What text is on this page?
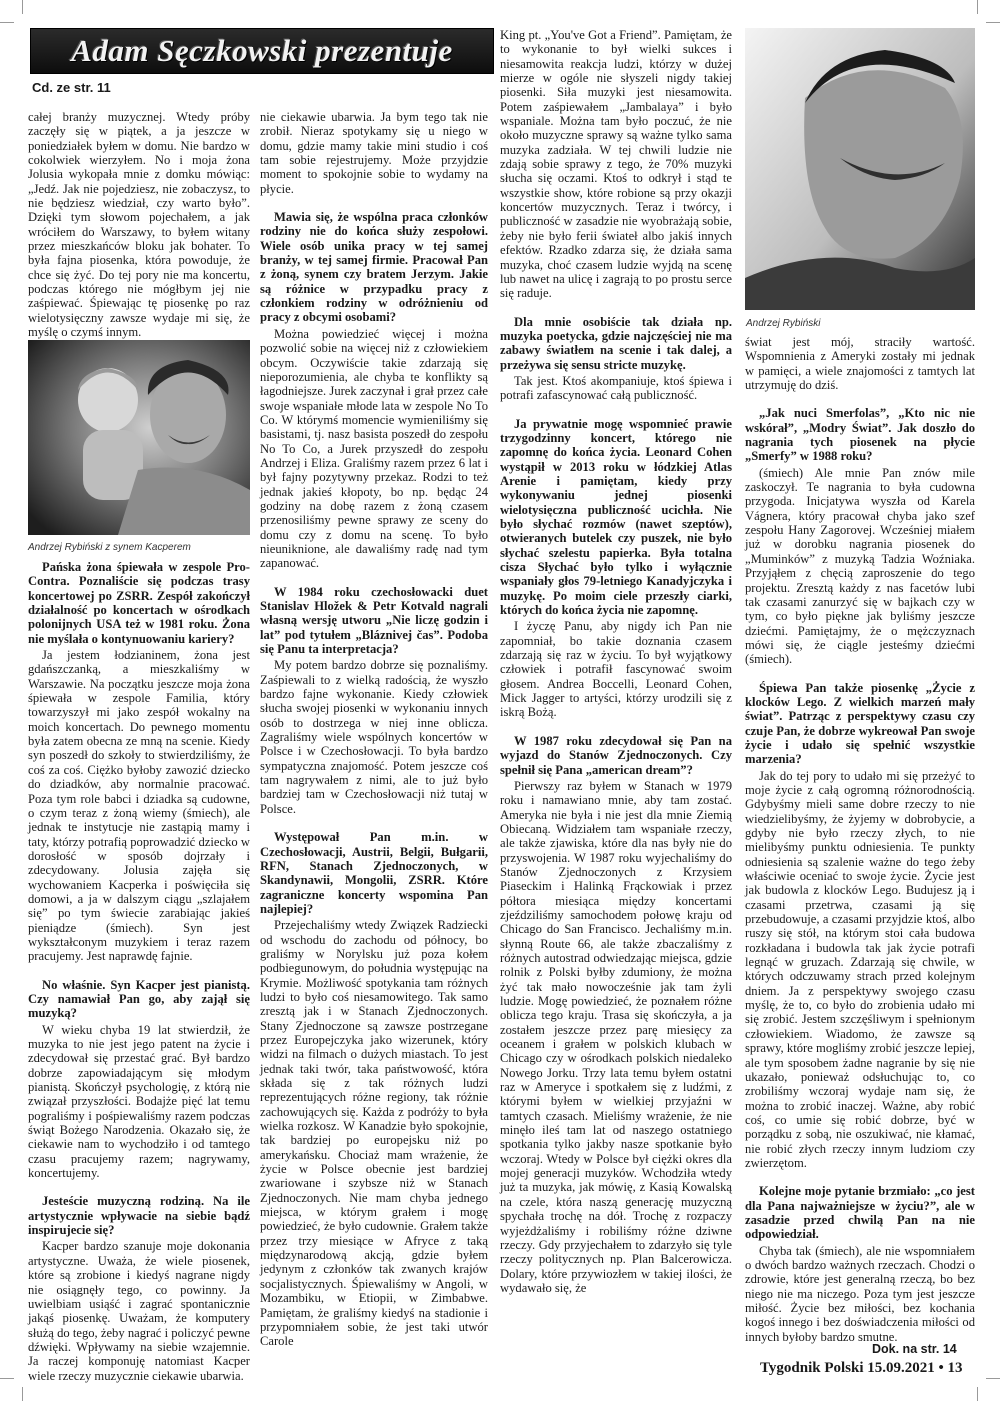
Adam Sęczkowski prezentuje
Cd. ze str. 11

całej branży muzycznej. Wtedy próby zaczęły się w piątek, a ja jeszcze w poniedziałek byłem w domu. Nie bardzo w cokolwiek wierzyłem. No i moja żona Jolusia wykopała mnie z domku mówiąc: „Jedź. Jak nie pojedziesz, nie zobaczysz, to nie będziesz wiedział, czy warto było”. Dzięki tym słowom pojechałem, a jak wróciłem do Warszawy, to byłem witany przez mieszkańców bloku jak bohater. To była fajna piosenka, która powoduje, że chce się żyć. Do tej pory nie ma koncertu, podczas którego nie mógłbym jej nie zaśpiewać. Śpiewając tę piosenkę po raz wielotysięczny zawsze wydaje mi się, że myślę o czymś innym.

Andrzej Rybiński z synem Kacperem

Pańska żona śpiewała w zespole Pro-Contra. Poznaliście się podczas trasy koncertowej po ZSRR. Zespół zakończył działalność po koncertach w ośrodkach polonijnych USA też w 1981 roku. Żona nie myślała o kontynuowaniu kariery?

Ja jestem łodzianinem, żona jest gdańszczanką, a mieszkaliśmy w Warszawie. Na początku jeszcze moja żona śpiewała w zespole Familia, który towarzyszył mi jako zespół wokalny na moich koncertach. Do pewnego momentu była zatem obecna ze mną na scenie. Kiedy syn poszedł do szkoły to stwierdziliśmy, że coś za coś. Ciężko byłoby zawozić dziecko do dziadków, aby normalnie pracować. Poza tym role babci i dziadka są cudowne, o czym teraz z żoną wiemy (śmiech), ale jednak te instytucje nie zastąpią mamy i taty, którzy potrafią poprowadzić dziecko w dorosłość w sposób dojrzały i zdecydowany. Jolusia zajęła się wychowaniem Kacperka i poświęciła się domowi, a ja w dalszym ciągu „szlajałem się” po tym świecie zarabiając jakieś pieniądze (śmiech). Syn jest wykształconym muzykiem i teraz razem pracujemy. Jest naprawdę fajnie.

No właśnie. Syn Kacper jest pianistą. Czy namawiał Pan go, aby zajął się muzyką?

W wieku chyba 19 lat stwierdził, że muzyka to nie jest jego patent na życie i zdecydował się przestać grać. Był bardzo dobrze zapowiadającym się młodym pianistą. Skończył psychologię, z którą nie związał przyszłości. Bodajże pięć lat temu pograliśmy i pośpiewaliśmy razem podczas świąt Bożego Narodzenia. Okazało się, że ciekawie nam to wychodziło i od tamtego czasu pracujemy razem; nagrywamy, koncertujemy.

Jesteście muzyczną rodziną. Na ile artystycznie wpływacie na siebie bądź inspirujecie się?

Kacper bardzo szanuje moje dokonania artystyczne. Uważa, że wiele piosenek, które są zrobione i kiedyś nagrane nigdy nie osiągnęły tego, co powinny. Ja uwielbiam usiąść i zagrać spontanicznie jakąś piosenkę. Uważam, że komputery służą do tego, żeby nagrać i policzyć pewne dźwięki. Wpływamy na siebie wzajemnie. Ja raczej komponuję natomiast Kacper wiele rzeczy muzycznie ciekawie ubarwia.

nie ciekawie ubarwia. Ja bym tego tak nie zrobił. Nieraz spotykamy się u niego w domu, gdzie mamy takie mini studio i coś tam sobie rejestrujemy. Może przyjdzie moment to spokojnie sobie to wydamy na płycie.

Mawia się, że wspólna praca członków rodziny nie do końca służy zespołowi. Wiele osób unika pracy w tej samej branży, w tej samej firmie. Pracował Pan z żoną, synem czy bratem Jerzym. Jakie są różnice w przypadku pracy z członkiem rodziny w odróżnieniu od pracy z obcymi osobami?

Można powiedzieć więcej i można pozwolić sobie na więcej niż z człowiekiem obcym. Oczywiście takie zdarzają się nieporozumienia, ale chyba te konflikty są łagodniejsze. Jurek zaczynał i grał przez całe swoje wspaniałe młode lata w zespole No To Co. W którymś momencie wymieniliśmy się basistami, tj. nasz basista poszedł do zespołu No To Co, a Jurek przyszedł do zespołu Andrzej i Eliza. Graliśmy razem przez 6 lat i był fajny pozytywny przekaz. Rodzi to też jednak jakieś kłopoty, bo np. będąc 24 godziny na dobę razem z żoną czasem przenosiliśmy pewne sprawy ze sceny do domu czy z domu na scenę. To było nieuniknione, ale dawaliśmy radę nad tym zapanować.

W 1984 roku czechosłowacki duet Stanislav Hložek & Petr Kotvald nagrali własną wersję utworu „Nie liczę godzin i lat” pod tytułem „Bláznivej čas”. Podoba się Panu ta interpretacja?

My potem bardzo dobrze się poznaliśmy. Zaśpiewali to z wielką radością, że wyszło bardzo fajne wykonanie. Kiedy człowiek słucha swojej piosenki w wykonaniu innych osób to dostrzega w niej inne oblicza. Zagraliśmy wiele wspólnych koncertów w Polsce i w Czechosłowacji. To była bardzo sympatyczna znajomość. Potem jeszcze coś tam nagrywałem z nimi, ale to już było bardziej tam w Czechosłowacji niż tutaj w Polsce.

Występował Pan m.in. w Czechosłowacji, Austrii, Belgii, Bułgarii, RFN, Stanach Zjednoczonych, w Skandynawii, Mongolii, ZSRR. Które zagraniczne koncerty wspomina Pan najlepiej?

Przejechaliśmy wtedy Związek Radziecki od wschodu do zachodu od północy, bo graliśmy w Norylsku już poza kołem podbiegunowym, do południa występując na Krymie. Możliwość spotykania tam różnych ludzi to było coś niesamowitego. Tak samo zresztą jak i w Stanach Zjednoczonych. Stany Zjednoczone są zawsze postrzegane przez Europejczyka jako wizerunek, który widzi na filmach o dużych miastach. To jest jednak taki twór, taka państwowość, która składa się z tak różnych ludzi reprezentujących różne regiony, tak różnie zachowujących się. Każda z podróży to była wielka rozkosz. W Kanadzie było spokojnie, tak bardziej po europejsku niż po amerykańsku. Chociaż mam wrażenie, że życie w Polsce obecnie jest bardziej zwariowane i szybsze niż w Stanach Zjednoczonych. Nie mam chyba jednego miejsca, w którym grałem i mogę powiedzieć, że było cudownie. Grałem także przez trzy miesiące w Afryce z taką międzynarodową akcją, gdzie byłem jedynym z członków tak zwanych krajów socjalistycznych. Śpiewaliśmy w Angoli, w Mozambiku, w Etiopii, w Zimbabwe. Pamiętam, że graliśmy kiedyś na stadionie i przypomniałem sobie, że jest taki utwór Carole

King pt. „You've Got a Friend”. Pamiętam, że to wykonanie to był wielki sukces i niesamowita reakcja ludzi, którzy w dużej mierze w ogóle nie słyszeli nigdy takiej piosenki. Siła muzyki jest niesamowita. Potem zaśpiewałem „Jambalaya” i było wspaniale. Można tam było poczuć, że nie około muzyczne sprawy są ważne tylko sama muzyka zadziała. W tej chwili ludzie nie zdają sobie sprawy z tego, że 70% muzyki słucha się oczami. Ktoś to odkrył i stąd te wszystkie show, które robione są przy okazji koncertów muzycznych. Teraz i twórcy, i publiczność w zasadzie nie wyobrażają sobie, żeby nie było ferii świateł albo jakiś innych efektów. Rzadko zdarza się, że działa sama muzyka, choć czasem ludzie wyjdą na scenę lub nawet na ulicę i zagrają to po prostu serce się raduje.

Dla mnie osobiście tak działa np. muzyka poetycka, gdzie najczęściej nie ma zabawy światłem na scenie i tak dalej, a przeżywa się sensu stricte muzykę.

Tak jest. Ktoś akompaniuje, ktoś śpiewa i potrafi zafascynować całą publiczność.

Ja prywatnie mogę wspomnieć prawie trzygodzinny koncert, którego nie zapomnę do końca życia. Leonard Cohen wystąpił w 2013 roku w łódzkiej Atlas Arenie i pamiętam, kiedy przy wykonywaniu jednej piosenki wielotysięczna publiczność ucichła. Nie było słychać rozmów (nawet szeptów), otwieranych butelek czy puszek, nie było słychać szelestu papierka. Była totalna cisza Słychać było tylko i wyłącznie wspaniały głos 79-letniego Kanadyjczyka i muzykę. Po moim ciele przeszły ciarki, których do końca życia nie zapomnę.

I życzę Panu, aby nigdy ich Pan nie zapomniał, bo takie doznania czasem zdarzają się raz w życiu. To był wyjątkowy człowiek i potrafił fascynować swoim głosem. Andrea Boccelli, Leonard Cohen, Mick Jagger to artyści, którzy urodzili się z iskrą Bożą.

W 1987 roku zdecydował się Pan na wyjazd do Stanów Zjednoczonych. Czy spełnił się Pana „american dream”?

Pierwszy raz byłem w Stanach w 1979 roku i namawiano mnie, aby tam zostać. Ameryka nie była i nie jest dla mnie Ziemią Obiecaną. Widziałem tam wspaniałe rzeczy, ale także zjawiska, które dla nas były nie do przyswojenia. W 1987 roku wyjechaliśmy do Stanów Zjednoczonych z Krzysiem Piaseckim i Halinką Frąckowiak i przez półtora miesiąca między koncertami zjeździliśmy samochodem połowę kraju od Chicago do San Francisco. Jechaliśmy m.in. słynną Route 66, ale także zbaczaliśmy z różnych autostrad odwiedzając miejsca, gdzie rolnik z Polski byłby zdumiony, że można żyć tak mało nowocześnie jak tam żyli ludzie. Mogę powiedzieć, że poznałem różne oblicza tego kraju. Trasa się skończyła, a ja zostałem jeszcze przez parę miesięcy za oceanem i grałem w polskich klubach w Chicago czy w ośrodkach polskich niedaleko Nowego Jorku. Trzy lata temu byłem ostatni raz w Ameryce i spotkałem się z ludźmi, z którymi byłem w wielkiej przyjaźni w tamtych czasach. Mieliśmy wrażenie, że nie minęło ileś tam lat od naszego ostatniego spotkania tylko jakby nasze spotkanie było wczoraj. Wtedy w Polsce był ciężki okres dla mojej generacji muzyków. Wchodziła wtedy już ta muzyka, jak mówię, z Kasią Kowalską na czele, która naszą generację muzyczną spychała trochę na dół. Trochę z rozpaczy wyjeżdżaliśmy i robiliśmy różne dziwne rzeczy. Gdy przyjechałem to zdarzyło się tyle rzeczy politycznych np. Plan Balcerowicza. Dolary, które przywiozłem w takiej ilości, że wydawało się, że

Andrzej Rybiński

świat jest mój, straciły wartość. Wspomnienia z Ameryki zostały mi jednak w pamięci, a wiele znajomości z tamtych lat utrzymuję do dziś.

„Jak nuci Smerfolas”, „Kto nic nie wskórał”, „Modry Świat”. Jak doszło do nagrania tych piosenek na płycie „Smerfy” w 1988 roku?

(śmiech) Ale mnie Pan znów mile zaskoczył. Te nagrania to była cudowna przygoda. Inicjatywa wyszła od Karela Vágnera, który pracował chyba jako szef zespołu Hany Zagorovej. Wcześniej miałem już w dorobku nagrania piosenek do „Muminków” z muzyką Tadzia Woźniaka. Przyjąłem z chęcią zaproszenie do tego projektu. Zresztą każdy z nas facetów lubi tak czasami zanurzyć się w bajkach czy w tym, co było piękne jak byliśmy jeszcze dziećmi. Pamiętajmy, że o mężczyznach mówi się, że ciągle jesteśmy dziećmi (śmiech).

Śpiewa Pan także piosenkę „Życie z klocków Lego. Z wielkich marzeń mały świat”. Patrząc z perspektywy czasu czy czuje Pan, że dobrze wykreował Pan swoje życie i udało się spełnić wszystkie marzenia?

Jak do tej pory to udało mi się przeżyć to moje życie z całą ogromną różnorodnością. Gdybyśmy mieli same dobre rzeczy to nie wiedzielibyśmy, że żyjemy w dobrobycie, a gdyby nie było rzeczy złych, to nie mielibyśmy punktu odniesienia. Te punkty odniesienia są szalenie ważne do tego żeby właściwie oceniać to swoje życie. Życie jest jak budowla z klocków Lego. Budujesz ją i czasami przetrwa, czasami ją się przebudowuje, a czasami przyjdzie ktoś, albo ruszy się stół, na którym stoi cała budowa rozkładana i budowla tak jak życie potrafi legnąć w gruzach. Zdarzają się chwile, w których odczuwamy strach przed kolejnym dniem. Ja z perspektywy swojego czasu myślę, że to, co było do zrobienia udało mi się zrobić. Jestem szczęśliwym i spełnionym człowiekiem. Wiadomo, że zawsze są sprawy, które mogliśmy zrobić jeszcze lepiej, ale tym sposobem żadne nagranie by się nie ukazało, ponieważ odsłuchując to, co zrobiliśmy wczoraj wydaje nam się, że można to zrobić inaczej. Ważne, aby robić coś, co umie się robić dobrze, być w porządku z sobą, nie oszukiwać, nie kłamać, nie robić złych rzeczy innym ludziom czy zwierzętom.

Kolejne moje pytanie brzmiało: „co jest dla Pana najważniejsze w życiu?”, ale w zasadzie przed chwilą Pan na nie odpowiedział.

Chyba tak (śmiech), ale nie wspomniałem o dwóch bardzo ważnych rzeczach. Chodzi o zdrowie, które jest generalną rzeczą, bo bez niego nie ma niczego. Poza tym jest jeszcze miłość. Życie bez miłości, bez kochania kogoś innego i bez doświadczenia miłości od innych byłoby bardzo smutne.

Dok. na str. 14
Tygodnik Polski 15.09.2021 • 13
